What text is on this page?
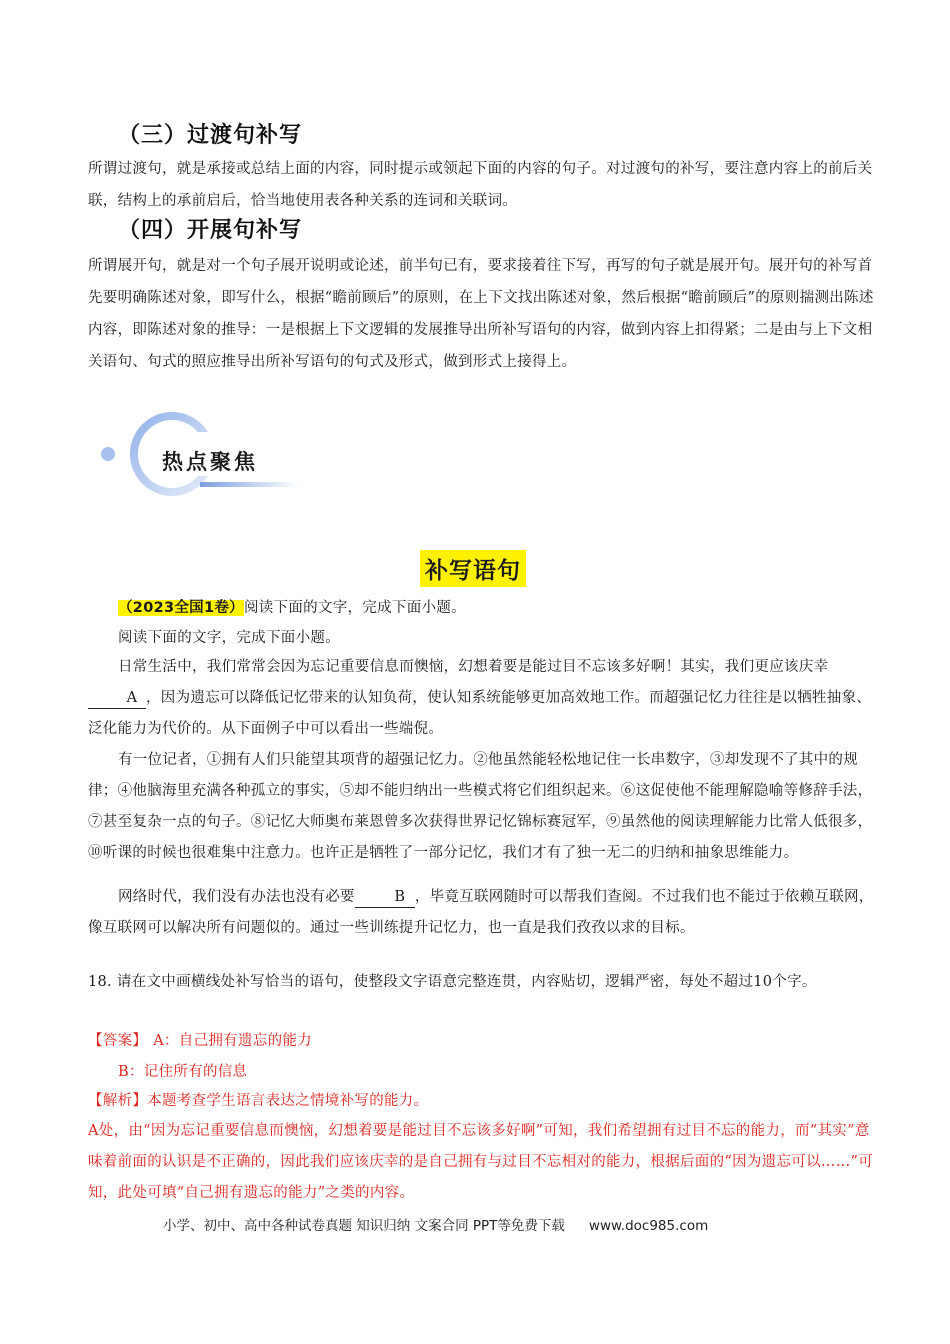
（三）过渡句补写
所谓过渡句，就是承接或总结上面的内容，同时提示或领起下面的内容的句子。对过渡句的补写，要注意内容上的前后关联，结构上的承前启后，恰当地使用表各种关系的连词和关联词。
（四）开展句补写
所谓展开句，就是对一个句子展开说明或论述，前半句已有，要求接着往下写，再写的句子就是展开句。展开句的补写首先要明确陈述对象，即写什么，根据“瞻前顾后”的原则，在上下文找出陈述对象，然后根据“瞻前顾后”的原则揣测出陈述内容，即陈述对象的推导：一是根据上下文逻辑的发展推导出所补写语句的内容，做到内容上扣得紧；二是由与上下文相关语句、句式的照应推导出所补写语句的句式及形式，做到形式上接得上。
热点聚焦
补写语句
（2023全国1卷）阅读下面的文字，完成下面小题。
阅读下面的文字，完成下面小题。
日常生活中，我们常常会因为忘记重要信息而懊恼，幻想着要是能过目不忘该多好啊！其实，我们更应该庆幸A ，因为遗忘可以降低记忆带来的认知负荷，使认知系统能够更加高效地工作。而超强记忆力往往是以牺牲抽象、泛化能力为代价的。从下面例子中可以看出一些端倪。
有一位记者，①拥有人们只能望其项背的超强记忆力。②他虽然能轻松地记住一长串数字，③却发现不了其中的规律；④他脑海里充满各种孤立的事实，⑤却不能归纳出一些模式将它们组织起来。⑥这促使他不能理解隐喻等修辞手法，⑦甚至复杂一点的句子。⑧记忆大师奥布莱恩曾多次获得世界记忆锦标赛冠军，⑨虽然他的阅读理解能力比常人低很多，⑩听课的时候也很难集中注意力。也许正是牺牲了一部分记忆，我们才有了独一无二的归纳和抽象思维能力。
网络时代，我们没有办法也没有必要	B ，毕竟互联网随时可以帮我们查阅。不过我们也不能过于依赖互联网，像互联网可以解决所有问题似的。通过一些训练提升记忆力，也一直是我们孜孜以求的目标。
18. 请在文中画横线处补写恰当的语句，使整段文字语意完整连贯，内容贴切，逻辑严密，每处不超过10个字。
【答案】 A：自己拥有遗忘的能力
B：记住所有的信息
【解析】本题考查学生语言表达之情境补写的能力。
A处，由“因为忘记重要信息而懊恼，幻想着要是能过目不忘该多好啊”可知，我们希望拥有过目不忘的能力，而“其实”意味着前面的认识是不正确的，因此我们应该庆幸的是自己拥有与过目不忘相对的能力，根据后面的“因为遗忘可以……”可知，此处可填“自己拥有遗忘的能力”之类的内容。
小学、初中、高中各种试卷真题 知识归纳 文案合同 PPT等免费下载 www.doc985.com
